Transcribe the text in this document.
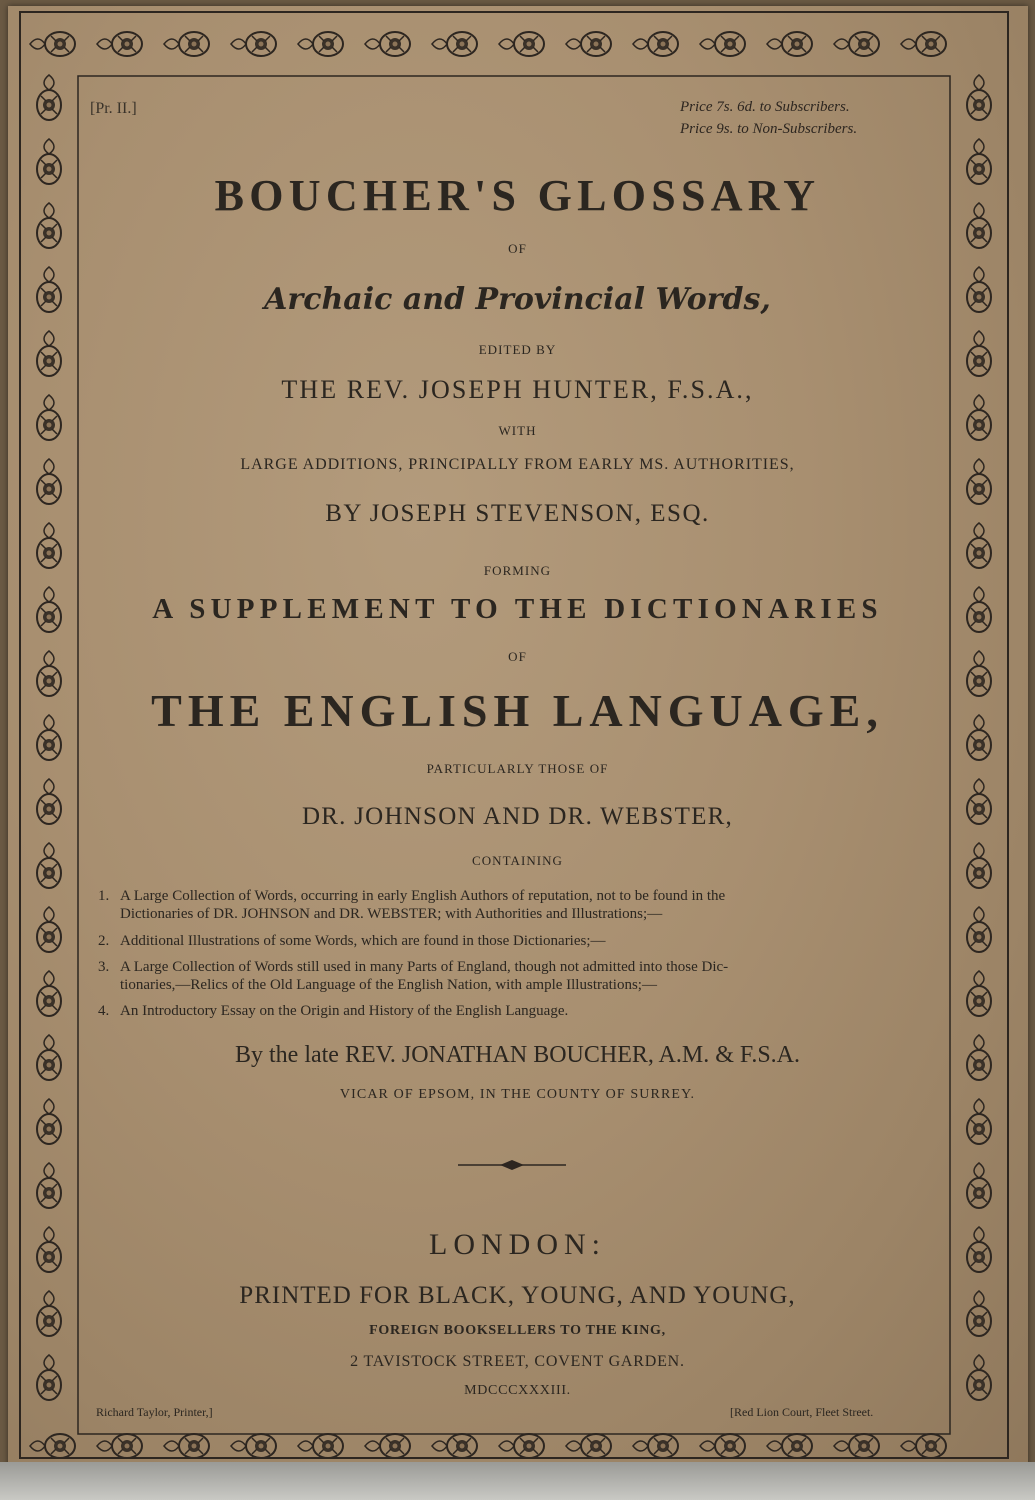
[Pr. II.]	Price 7s. 6d. to Subscribers.
Price 9s. to Non-Subscribers.
BOUCHER'S GLOSSARY
OF
Archaic and Provincial Words,
EDITED BY
THE REV. JOSEPH HUNTER, F.S.A.,
WITH
LARGE ADDITIONS, PRINCIPALLY FROM EARLY MS. AUTHORITIES,
BY JOSEPH STEVENSON, ESQ.
FORMING
A SUPPLEMENT TO THE DICTIONARIES
OF
THE ENGLISH LANGUAGE,
PARTICULARLY THOSE OF
DR. JOHNSON AND DR. WEBSTER,
CONTAINING
1. A Large Collection of Words, occurring in early English Authors of reputation, not to be found in the
Dictionaries of DR. JOHNSON and DR. WEBSTER; with Authorities and Illustrations;—
2. Additional Illustrations of some Words, which are found in those Dictionaries;—
3. A Large Collection of Words still used in many Parts of England, though not admitted into those Dic-
tionaries,—Relics of the Old Language of the English Nation, with ample Illustrations;—
4. An Introductory Essay on the Origin and History of the English Language.
By the late REV. JONATHAN BOUCHER, A.M. & F.S.A.
VICAR OF EPSOM, IN THE COUNTY OF SURREY.
LONDON:
PRINTED FOR BLACK, YOUNG, AND YOUNG,
FOREIGN BOOKSELLERS TO THE KING,
2 TAVISTOCK STREET, COVENT GARDEN.
MDCCCXXXIII.
Richard Taylor, Printer,]	[Red Lion Court, Fleet Street.
